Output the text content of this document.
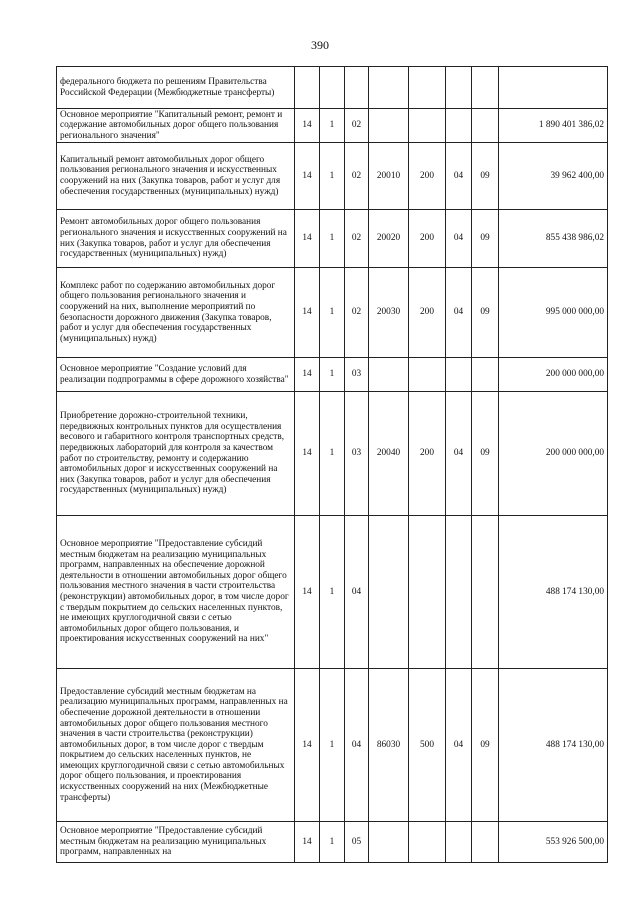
390
федерального бюджета по решениям Правительства Российской Федерации (Межбюджетные трансферты)								
Основное мероприятие "Капитальный ремонт, ремонт и содержание автомобильных дорог общего пользования регионального значения"	14	1	02					1 890 401 386,02
Капитальный ремонт автомобильных дорог общего пользования регионального значения и искусственных сооружений на них (Закупка товаров, работ и услуг для обеспечения государственных (муниципальных) нужд)	14	1	02	20010	200	04	09	39 962 400,00
Ремонт автомобильных дорог общего пользования регионального значения и искусственных сооружений на них (Закупка товаров, работ и услуг для обеспечения государственных (муниципальных) нужд)	14	1	02	20020	200	04	09	855 438 986,02
Комплекс работ по содержанию автомобильных дорог общего пользования регионального значения и сооружений на них, выполнение мероприятий по безопасности дорожного движения (Закупка товаров, работ и услуг для обеспечения государственных (муниципальных) нужд)	14	1	02	20030	200	04	09	995 000 000,00
Основное мероприятие "Создание условий для реализации подпрограммы в сфере дорожного хозяйства"	14	1	03					200 000 000,00
Приобретение дорожно-строительной техники, передвижных контрольных пунктов для осуществления весового и габаритного контроля транспортных средств, передвижных лабораторий для контроля за качеством работ по строительству, ремонту и содержанию автомобильных дорог и искусственных сооружений на них (Закупка товаров, работ и услуг для обеспечения государственных (муниципальных) нужд)	14	1	03	20040	200	04	09	200 000 000,00
Основное мероприятие "Предоставление субсидий местным бюджетам на реализацию муниципальных программ, направленных на обеспечение дорожной деятельности в отношении автомобильных дорог общего пользования местного значения в части строительства (реконструкции) автомобильных дорог, в том числе дорог с твердым покрытием до сельских населенных пунктов, не имеющих круглогодичной связи с сетью автомобильных дорог общего пользования, и проектирования искусственных сооружений на них"	14	1	04					488 174 130,00
Предоставление субсидий местным бюджетам на реализацию муниципальных программ, направленных на обеспечение дорожной деятельности в отношении автомобильных дорог общего пользования местного значения в части строительства (реконструкции) автомобильных дорог, в том числе дорог с твердым покрытием до сельских населенных пунктов, не имеющих круглогодичной связи с сетью автомобильных дорог общего пользования, и проектирования искусственных сооружений на них (Межбюджетные трансферты)	14	1	04	86030	500	04	09	488 174 130,00
Основное мероприятие "Предоставление субсидий местным бюджетам на реализацию муниципальных программ, направленных на	14	1	05					553 926 500,00
